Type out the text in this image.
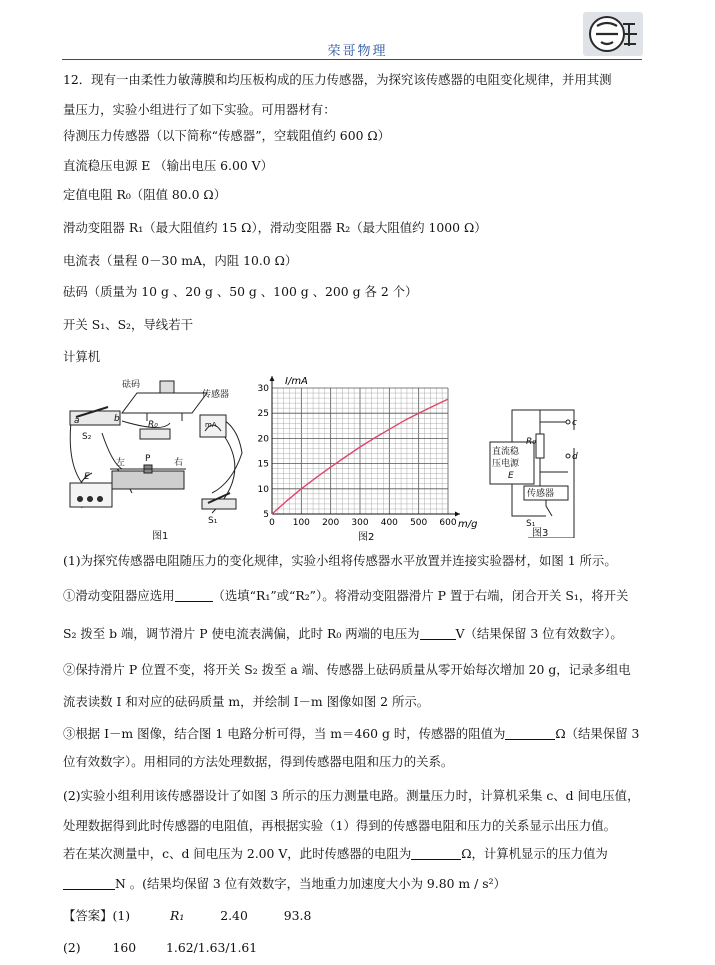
荣哥物理
12．现有一由柔性力敏薄膜和均压板构成的压力传感器，为探究该传感器的电阻变化规律，并用其测
量压力，实验小组进行了如下实验。可用器材有：
待测压力传感器（以下简称“传感器”，空载阻值约 600 Ω）
直流稳压电源 E （输出电压 6.00 V）
定值电阻 R₀（阻值 80.0 Ω）
滑动变阻器 R₁（最大阻值约 15 Ω），滑动变阻器 R₂（最大阻值约 1000 Ω）
电流表（量程 0－30 mA，内阻 10.0 Ω）
砝码（质量为 10 g 、20 g 、50 g 、100 g 、200 g 各 2 个）
开关 S₁、S₂，导线若干
计算机
砝码
传感器
a	b
S₂
R₀	mA
左 P	右
E
S₁
图1
0 100 200 300 400 500 600
5
10
15
20
25
30
I/mA
m/g
图2
直流稳
压电源
E
R₀
c
d
传感器
S₁
图3
(1)为探究传感器电阻随压力的变化规律，实验小组将传感器水平放置并连接实验器材，如图 1 所示。
①滑动变阻器应选用	（选填“R₁”或“R₂”）。将滑动变阻器滑片 P 置于右端，闭合开关 S₁，将开关
S₂ 拨至 b 端，调节滑片 P 使电流表满偏，此时 R₀ 两端的电压为	V（结果保留 3 位有效数字）。
②保持滑片 P 位置不变，将开关 S₂ 拨至 a 端、传感器上砝码质量从零开始每次增加 20 g，记录多组电
流表读数 I 和对应的砝码质量 m，并绘制 I－m 图像如图 2 所示。
③根据 I－m 图像，结合图 1 电路分析可得，当 m＝460 g 时，传感器的阻值为	Ω（结果保留 3
位有效数字）。用相同的方法处理数据，得到传感器电阻和压力的关系。
(2)实验小组利用该传感器设计了如图 3 所示的压力测量电路。测量压力时，计算机采集 c、d 间电压值，
处理数据得到此时传感器的电阻值，再根据实验（1）得到的传感器电阻和压力的关系显示出压力值。
若在某次测量中，c、d 间电压为 2.00 V，此时传感器的电阻为	Ω，计算机显示的压力值为
N 。(结果均保留 3 位有效数字，当地重力加速度大小为 9.80 m / s²）
【答案】(1)	R₁	2.40	93.8
(2)	160 1.62/1.63/1.61
